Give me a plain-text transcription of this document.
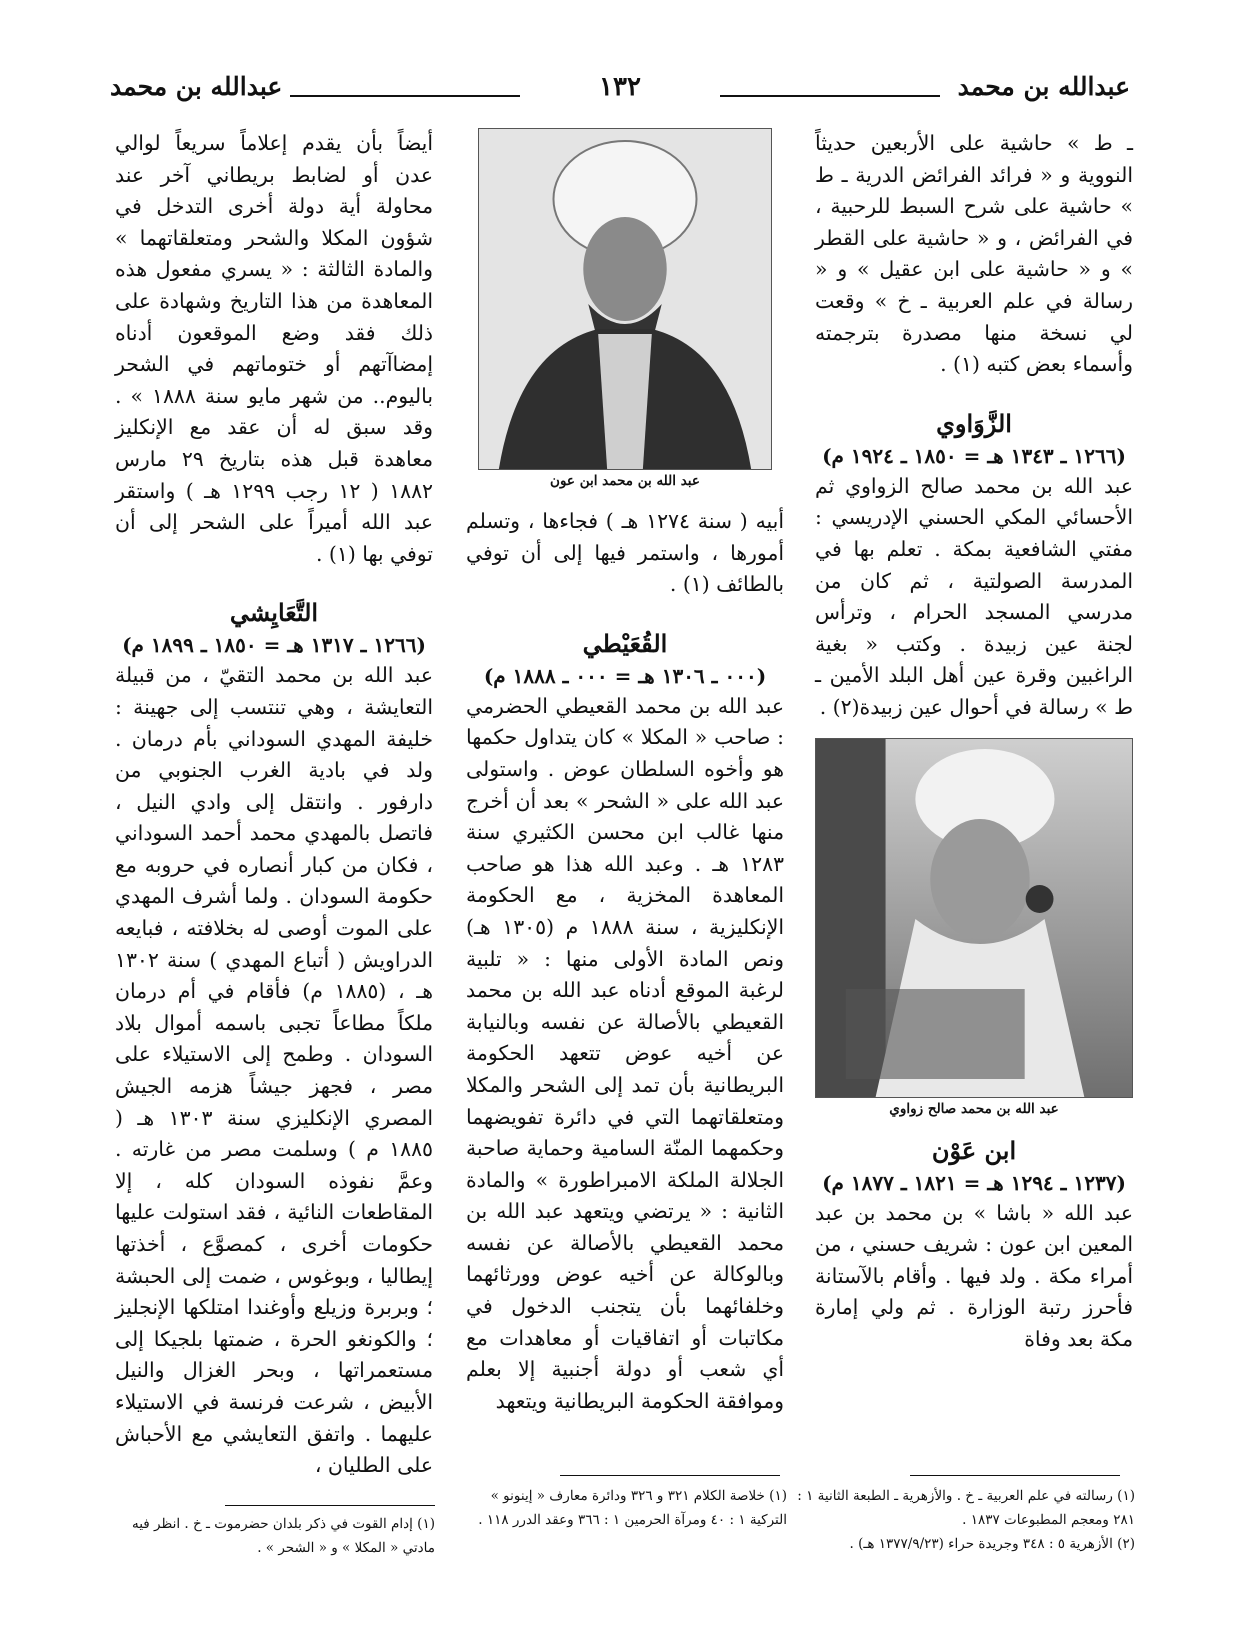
عبدالله بن محمد
١٣٢
عبدالله بن محمد

ـ ط » حاشية على الأربعين حديثاً النووية و « فرائد الفرائض الدرية ـ ط » حاشية على شرح السبط للرحبية ، في الفرائض ، و « حاشية على القطر » و « حاشية على ابن عقيل » و « رسالة في علم العربية ـ خ » وقعت لي نسخة منها مصدرة بترجمته وأسماء بعض كتبه (١) .

الزَّوَاوي

(١٢٦٦ ـ ١٣٤٣ هـ = ١٨٥٠ ـ ١٩٢٤ م)

عبد الله بن محمد صالح الزواوي ثم الأحسائي المكي الحسني الإدريسي : مفتي الشافعية بمكة . تعلم بها في المدرسة الصولتية ، ثم كان من مدرسي المسجد الحرام ، وترأس لجنة عين زبيدة . وكتب « بغية الراغبين وقرة عين أهل البلد الأمين ـ ط » رسالة في أحوال عين زبيدة(٢) .

عبد الله بن محمد صالح زواوي

ابن عَوْن

(١٢٣٧ ـ ١٢٩٤ هـ = ١٨٢١ ـ ١٨٧٧ م)

عبد الله « باشا » بن محمد بن عبد المعين ابن عون : شريف حسني ، من أمراء مكة . ولد فيها . وأقام بالآستانة فأحرز رتبة الوزارة . ثم ولي إمارة مكة بعد وفاة

عبد الله بن محمد ابن عون

أبيه ( سنة ١٢٧٤ هـ ) فجاءها ، وتسلم أمورها ، واستمر فيها إلى أن توفي بالطائف (١) .

القُعَيْطي

(٠٠٠ ـ ١٣٠٦ هـ = ٠٠٠ ـ ١٨٨٨ م)

عبد الله بن محمد القعيطي الحضرمي : صاحب « المكلا » كان يتداول حكمها هو وأخوه السلطان عوض . واستولى عبد الله على « الشحر » بعد أن أخرج منها غالب ابن محسن الكثيري سنة ١٢٨٣ هـ . وعبد الله هذا هو صاحب المعاهدة المخزية ، مع الحكومة الإنكليزية ، سنة ١٨٨٨ م (١٣٠٥ هـ) ونص المادة الأولى منها : « تلبية لرغبة الموقع أدناه عبد الله بن محمد القعيطي بالأصالة عن نفسه وبالنيابة عن أخيه عوض تتعهد الحكومة البريطانية بأن تمد إلى الشحر والمكلا ومتعلقاتهما التي في دائرة تفويضهما وحكمهما المنّة السامية وحماية صاحبة الجلالة الملكة الامبراطورة » والمادة الثانية : « يرتضي ويتعهد عبد الله بن محمد القعيطي بالأصالة عن نفسه وبالوكالة عن أخيه عوض وورثائهما وخلفائهما بأن يتجنب الدخول في مكاتبات أو اتفاقيات أو معاهدات مع أي شعب أو دولة أجنبية إلا بعلم وموافقة الحكومة البريطانية ويتعهد

أيضاً بأن يقدم إعلاماً سريعاً لوالي عدن أو لضابط بريطاني آخر عند محاولة أية دولة أخرى التدخل في شؤون المكلا والشحر ومتعلقاتهما » والمادة الثالثة : « يسري مفعول هذه المعاهدة من هذا التاريخ وشهادة على ذلك فقد وضع الموقعون أدناه إمضاآتهم أو ختوماتهم في الشحر باليوم.. من شهر مايو سنة ١٨٨٨ » . وقد سبق له أن عقد مع الإنكليز معاهدة قبل هذه بتاريخ ٢٩ مارس ١٨٨٢ ( ١٢ رجب ١٢٩٩ هـ ) واستقر عبد الله أميراً على الشحر إلى أن توفي بها (١) .

التَّعَايِشي

(١٢٦٦ ـ ١٣١٧ هـ = ١٨٥٠ ـ ١٨٩٩ م)

عبد الله بن محمد التقيّ ، من قبيلة التعايشة ، وهي تنتسب إلى جهينة : خليفة المهدي السوداني بأم درمان . ولد في بادية الغرب الجنوبي من دارفور . وانتقل إلى وادي النيل ، فاتصل بالمهدي محمد أحمد السوداني ، فكان من كبار أنصاره في حروبه مع حكومة السودان . ولما أشرف المهدي على الموت أوصى له بخلافته ، فبايعه الدراويش ( أتباع المهدي ) سنة ١٣٠٢ هـ ، (١٨٨٥ م) فأقام في أم درمان ملكاً مطاعاً تجبى باسمه أموال بلاد السودان . وطمح إلى الاستيلاء على مصر ، فجهز جيشاً هزمه الجيش المصري الإنكليزي سنة ١٣٠٣ هـ ( ١٨٨٥ م ) وسلمت مصر من غارته . وعمَّ نفوذه السودان كله ، إلا المقاطعات النائية ، فقد استولت عليها حكومات أخرى ، كمصوَّع ، أخذتها إيطاليا ، وبوغوس ، ضمت إلى الحبشة ؛ وبربرة وزيلع وأوغندا امتلكها الإنجليز ؛ والكونغو الحرة ، ضمتها بلجيكا إلى مستعمراتها ، وبحر الغزال والنيل الأبيض ، شرعت فرنسة في الاستيلاء عليهما . واتفق التعايشي مع الأحباش على الطليان ،

(١) رسالته في علم العربية ـ خ . والأزهرية ـ الطبعة الثانية ١ : ٢٨١ ومعجم المطبوعات ١٨٣٧ .

(٢) الأزهرية ٥ : ٣٤٨ وجريدة حراء (١٣٧٧/٩/٢٣ هـ) .

(١) خلاصة الكلام ٣٢١ و ٣٢٦ ودائرة معارف « إينونو » التركية ١ : ٤٠ ومرآة الحرمين ١ : ٣٦٦ وعقد الدرر ١١٨ .

(١) إدام القوت في ذكر بلدان حضرموت ـ خ . انظر فيه مادتي « المكلا » و « الشحر » .
